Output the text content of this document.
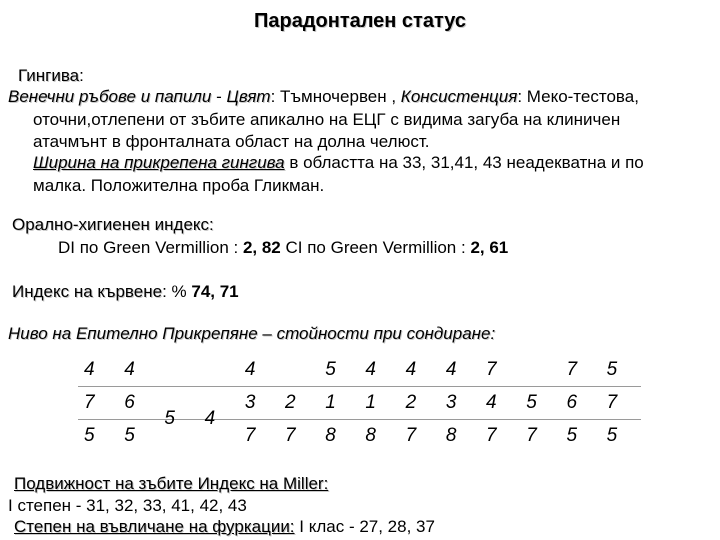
Парадонтален статус
Гингива:
Венечни ръбове и папили - Цвят: Тъмночервен , Консистенция: Меко-тестова,
оточни,отлепени от зъбите апикално на ЕЦГ с видима загуба на клиничен
атачмънт в фронталната област на долна челюст.
Ширина на прикрепена гингива в областта на 33, 31,41, 43 неадекватна и по
малка. Положителна проба Гликман.
Орално-хигиенен индекс:
DI по Green Vermillion : 2, 82 CI по Green Vermillion : 2, 61
Индекс на кървене: % 74, 71
Ниво на Епително Прикрепяне – стойности при сондиране:
4	4			4		5	4	4	4	7		7	5
7	6	5	4	3	2	1	1	2	3	4	5	6	7
5	5			7	7	8	8	7	8	7	7	5	5
Подвижност на зъбите Индекс на Miller:
I степен - 31, 32, 33, 41, 42, 43
Степен на въвличане на фуркации: I клас - 27, 28, 37
